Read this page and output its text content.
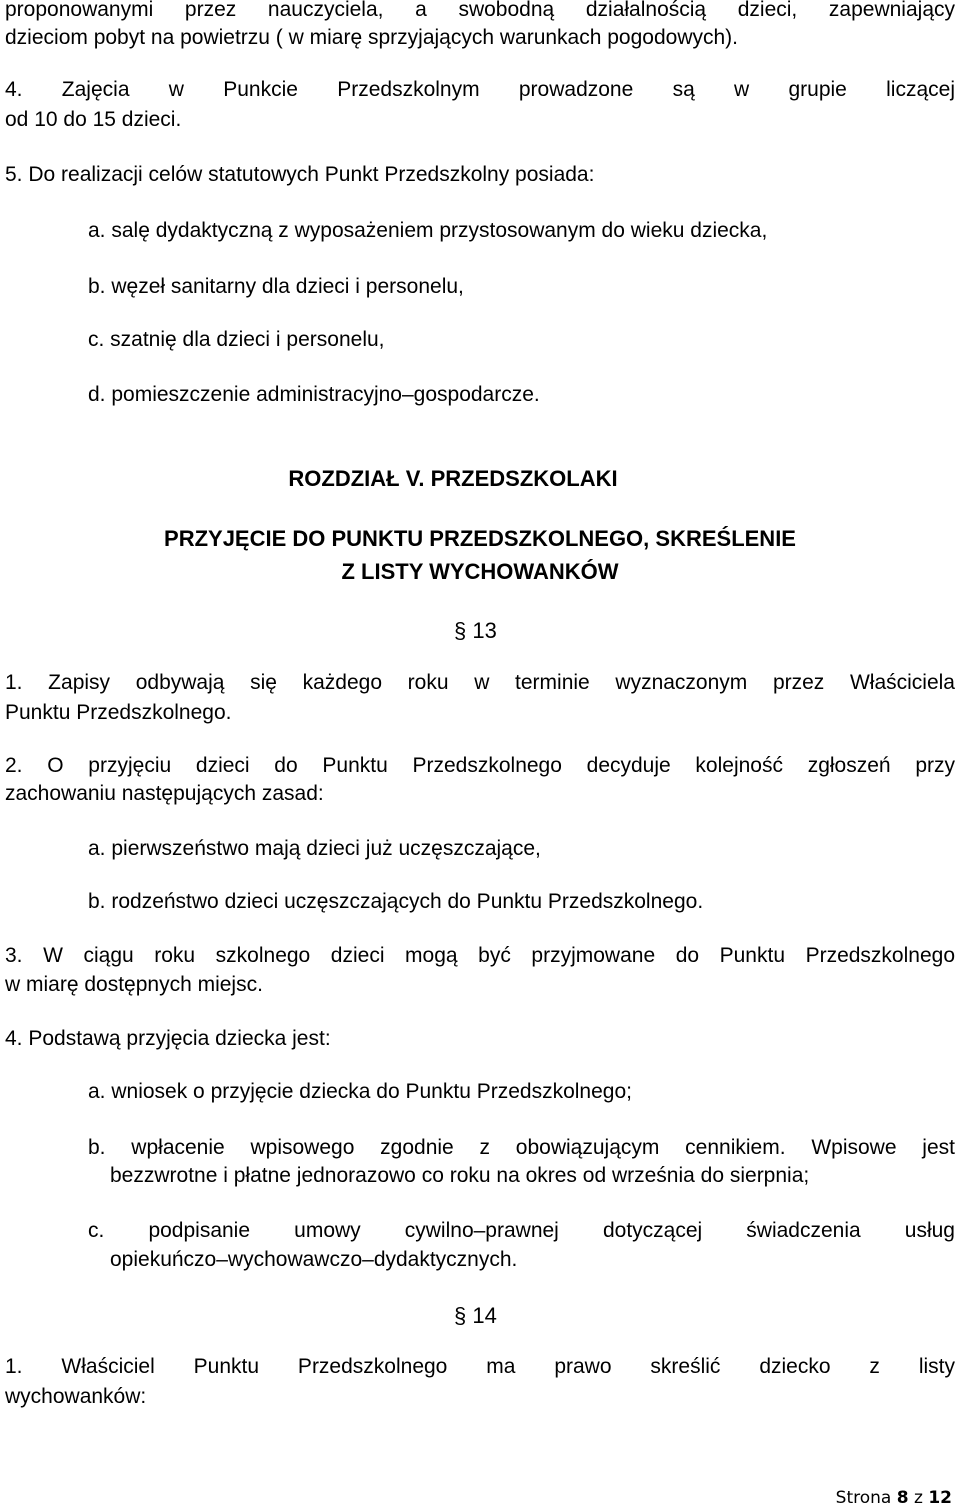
proponowanymi przez nauczyciela, a swobodną działalnością dzieci, zapewniający
dzieciom pobyt na powietrzu ( w miarę sprzyjających warunkach pogodowych).
4. Zajęcia w Punkcie Przedszkolnym prowadzone są w grupie liczącej
od 10 do 15 dzieci.
5. Do realizacji celów statutowych Punkt Przedszkolny posiada:
a. salę dydaktyczną z wyposażeniem przystosowanym do wieku dziecka,
b. węzeł sanitarny dla dzieci i personelu,
c. szatnię dla dzieci i personelu,
d. pomieszczenie administracyjno–gospodarcze.
ROZDZIAŁ V. PRZEDSZKOLAKI
PRZYJĘCIE DO PUNKTU PRZEDSZKOLNEGO, SKREŚLENIE
Z LISTY WYCHOWANKÓW
§ 13
1. Zapisy odbywają się każdego roku w terminie wyznaczonym przez Właściciela
Punktu Przedszkolnego.
2. O przyjęciu dzieci do Punktu Przedszkolnego decyduje kolejność zgłoszeń przy
zachowaniu następujących zasad:
a. pierwszeństwo mają dzieci już uczęszczające,
b. rodzeństwo dzieci uczęszczających do Punktu Przedszkolnego.
3. W ciągu roku szkolnego dzieci mogą być przyjmowane do Punktu Przedszkolnego
w miarę dostępnych miejsc.
4. Podstawą przyjęcia dziecka jest:
a. wniosek o przyjęcie dziecka do Punktu Przedszkolnego;
b. wpłacenie wpisowego zgodnie z obowiązującym cennikiem. Wpisowe jest
bezzwrotne i płatne jednorazowo co roku na okres od września do sierpnia;
c. podpisanie umowy cywilno–prawnej dotyczącej świadczenia usług
opiekuńczo–wychowawczo–dydaktycznych.
§ 14
1. Właściciel Punktu Przedszkolnego ma prawo skreślić dziecko z listy
wychowanków:
Strona 8 z 12
